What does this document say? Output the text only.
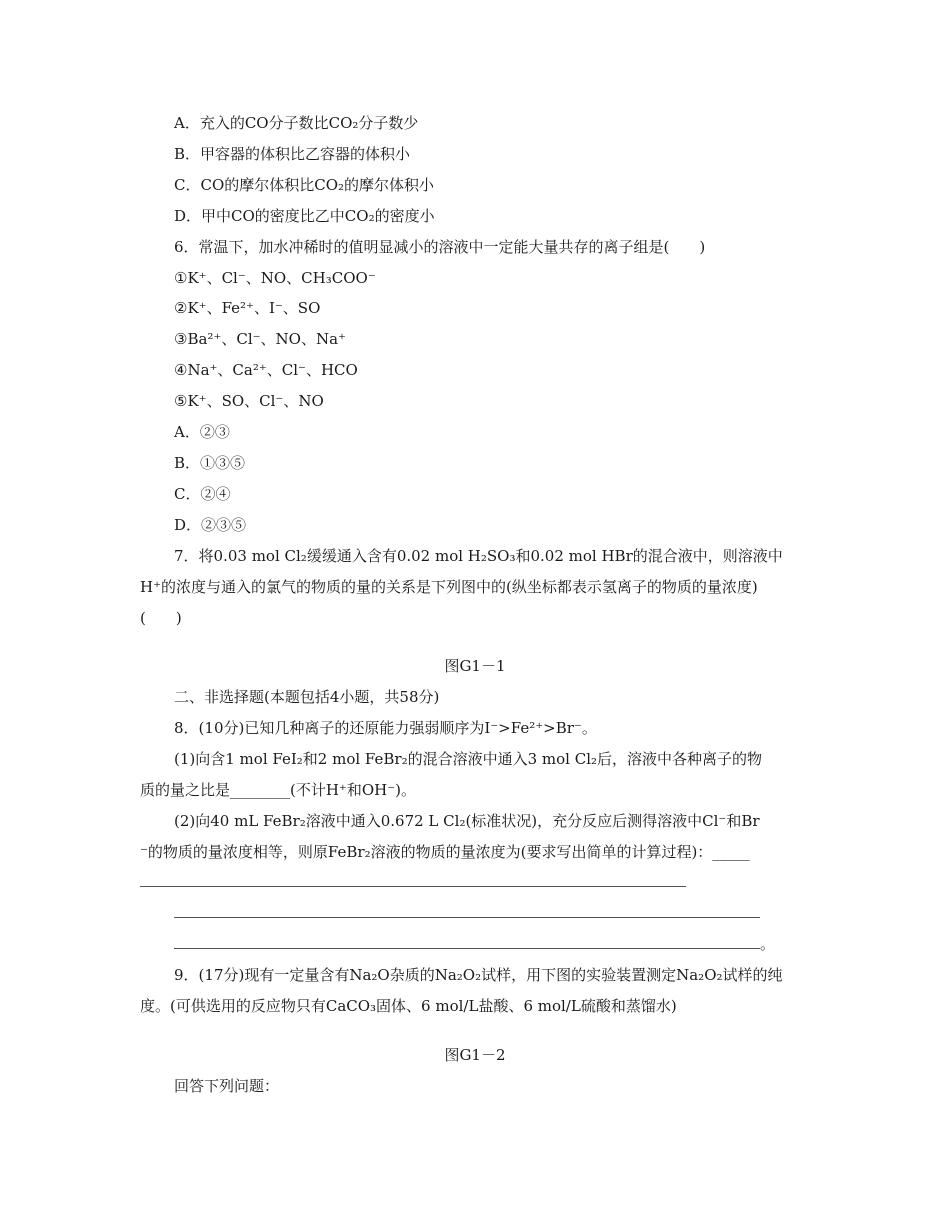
A．充入的CO分子数比CO₂分子数少
B．甲容器的体积比乙容器的体积小
C．CO的摩尔体积比CO₂的摩尔体积小
D．甲中CO的密度比乙中CO₂的密度小
6．常温下，加水冲稀时的值明显减小的溶液中一定能大量共存的离子组是(　　)
①K⁺、Cl⁻、NO、CH₃COO⁻
②K⁺、Fe²⁺、I⁻、SO
③Ba²⁺、Cl⁻、NO、Na⁺
④Na⁺、Ca²⁺、Cl⁻、HCO
⑤K⁺、SO、Cl⁻、NO
A．②③
B．①③⑤
C．②④
D．②③⑤
7．将0.03 mol Cl₂缓缓通入含有0.02 mol H₂SO₃和0.02 mol HBr的混合液中，则溶液中
H⁺的浓度与通入的氯气的物质的量的关系是下列图中的(纵坐标都表示氢离子的物质的量浓度)
(　　)
图G1－1
二、非选择题(本题包括4小题，共58分)
8．(10分)已知几种离子的还原能力强弱顺序为I⁻>Fe²⁺>Br⁻。
(1)向含1 mol FeI₂和2 mol FeBr₂的混合溶液中通入3 mol Cl₂后，溶液中各种离子的物
质的量之比是________(不计H⁺和OH⁻)。
(2)向40 mL FeBr₂溶液中通入0.672 L Cl₂(标准状况)，充分反应后测得溶液中Cl⁻和Br
⁻的物质的量浓度相等，则原FeBr₂溶液的物质的量浓度为(要求写出简单的计算过程)：_____
。
9．(17分)现有一定量含有Na₂O杂质的Na₂O₂试样，用下图的实验装置测定Na₂O₂试样的纯
度。(可供选用的反应物只有CaCO₃固体、6 mol/L盐酸、6 mol/L硫酸和蒸馏水)
图G1－2
回答下列问题：
